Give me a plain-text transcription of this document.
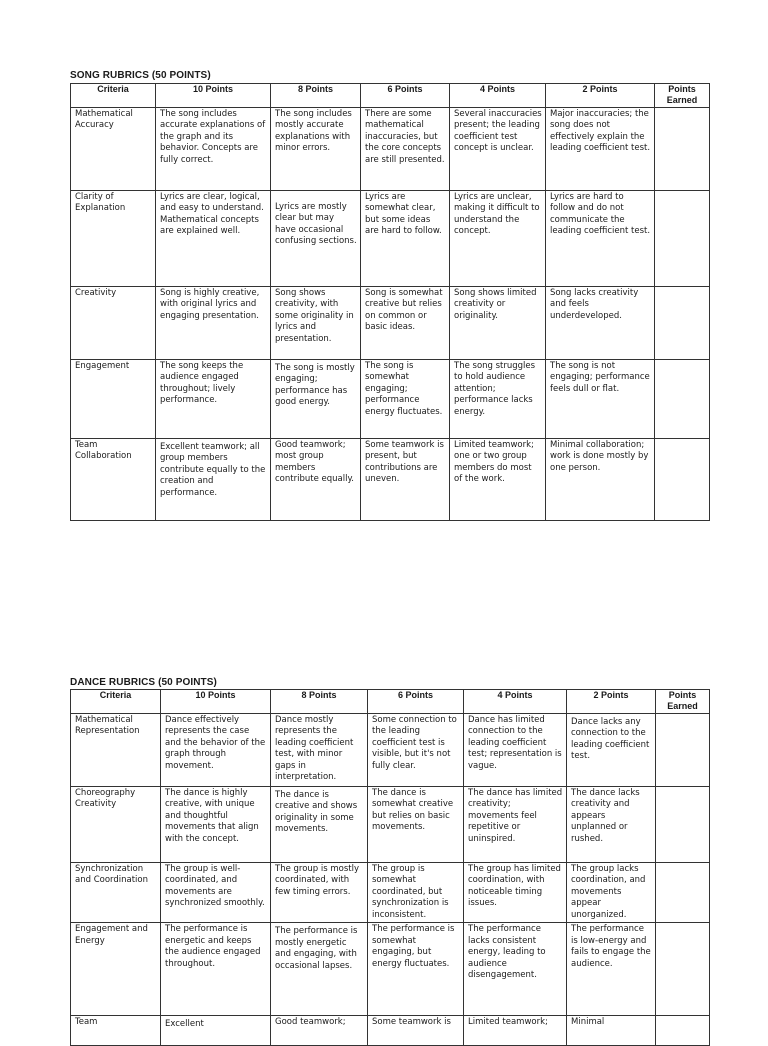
SONG RUBRICS (50 POINTS)
Criteria	10 Points	8 Points	6 Points	4 Points	2 Points	Points Earned
Mathematical Accuracy	The song includes accurate explanations of the graph and its behavior. Concepts are fully correct.	The song includes mostly accurate explanations with minor errors.	There are some mathematical inaccuracies, but the core concepts are still presented.	Several inaccuracies present; the leading coefficient test concept is unclear.	Major inaccuracies; the song does not effectively explain the leading coefficient test.	
Clarity of Explanation	Lyrics are clear, logical, and easy to understand. Mathematical concepts are explained well.	Lyrics are mostly clear but may have occasional confusing sections.	Lyrics are somewhat clear, but some ideas are hard to follow.	Lyrics are unclear, making it difficult to understand the concept.	Lyrics are hard to follow and do not communicate the leading coefficient test.	
Creativity	Song is highly creative, with original lyrics and engaging presentation.	Song shows creativity, with some originality in lyrics and presentation.	Song is somewhat creative but relies on common or basic ideas.	Song shows limited creativity or originality.	Song lacks creativity and feels underdeveloped.	
Engagement	The song keeps the audience engaged throughout; lively performance.	The song is mostly engaging; performance has good energy.	The song is somewhat engaging; performance energy fluctuates.	The song struggles to hold audience attention; performance lacks energy.	The song is not engaging; performance feels dull or flat.	
Team Collaboration	Excellent teamwork; all group members contribute equally to the creation and performance.	Good teamwork; most group members contribute equally.	Some teamwork is present, but contributions are uneven.	Limited teamwork; one or two group members do most of the work.	Minimal collaboration; work is done mostly by one person.	
DANCE RUBRICS (50 POINTS)
Criteria	10 Points	8 Points	6 Points	4 Points	2 Points	Points Earned
Mathematical Representation	Dance effectively represents the case and the behavior of the graph through movement.	Dance mostly represents the leading coefficient test, with minor gaps in interpretation.	Some connection to the leading coefficient test is visible, but it's not fully clear.	Dance has limited connection to the leading coefficient test; representation is vague.	Dance lacks any connection to the leading coefficient test.	
Choreography Creativity	The dance is highly creative, with unique and thoughtful movements that align with the concept.	The dance is creative and shows originality in some movements.	The dance is somewhat creative but relies on basic movements.	The dance has limited creativity; movements feel repetitive or uninspired.	The dance lacks creativity and appears unplanned or rushed.	
Synchronization and Coordination	The group is well-coordinated, and movements are synchronized smoothly.	The group is mostly coordinated, with few timing errors.	The group is somewhat coordinated, but synchronization is inconsistent.	The group has limited coordination, with noticeable timing issues.	The group lacks coordination, and movements appear unorganized.	
Engagement and Energy	The performance is energetic and keeps the audience engaged throughout.	The performance is mostly energetic and engaging, with occasional lapses.	The performance is somewhat engaging, but energy fluctuates.	The performance lacks consistent energy, leading to audience disengagement.	The performance is low-energy and fails to engage the audience.	
Team	Excellent	Good teamwork;	Some teamwork is	Limited teamwork;	Minimal	
